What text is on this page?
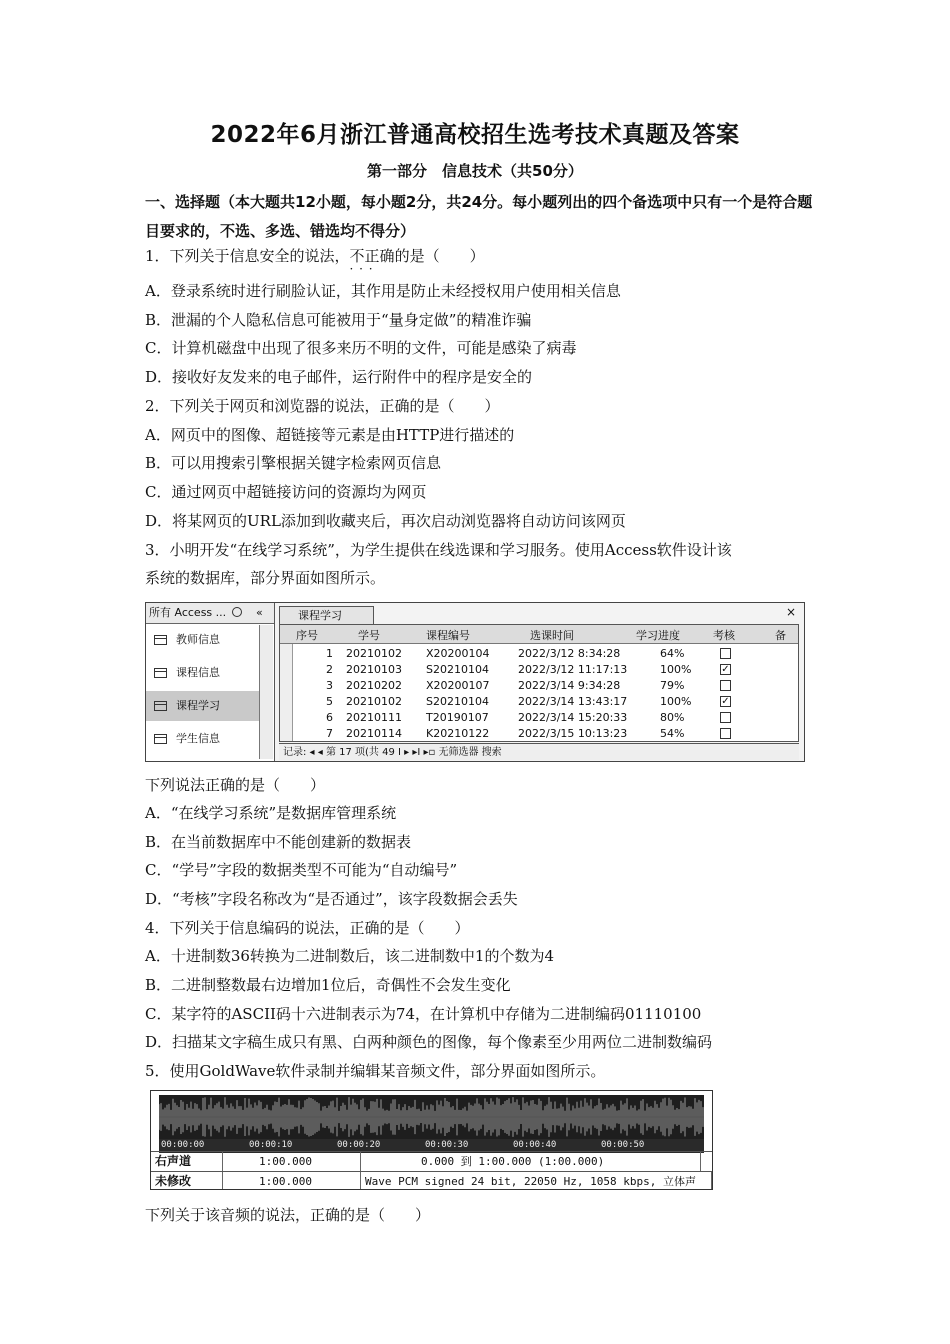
2022年6月浙江普通高校招生选考技术真题及答案
第一部分　信息技术（共50分）
一、选择题（本大题共12小题，每小题2分，共24分。每小题列出的四个备选项中只有一个是符合题目要求的，不选、多选、错选均不得分）
1．下列关于信息安全的说法，不正确 · · ·的是（　　）
A．登录系统时进行刷脸认证，其作用是防止未经授权用户使用相关信息
B．泄漏的个人隐私信息可能被用于“量身定做”的精准诈骗
C．计算机磁盘中出现了很多来历不明的文件，可能是感染了病毒
D．接收好友发来的电子邮件，运行附件中的程序是安全的
2．下列关于网页和浏览器的说法，正确的是（　　）
A．网页中的图像、超链接等元素是由HTTP进行描述的
B．可以用搜索引擎根据关键字检索网页信息
C．通过网页中超链接访问的资源均为网页
D．将某网页的URL添加到收藏夹后，再次启动浏览器将自动访问该网页
3．小明开发“在线学习系统”，为学生提供在线选课和学习服务。使用Access软件设计该
系统的数据库，部分界面如图所示。
所有 Access ...	«
教师信息
课程信息
课程学习
学生信息
课程学习	×
序号	学号	课程编号	选课时间	学习进度	考核	备
1 20210102 X20200104	2022/3/12 8:34:28	64%
2 20210103 S20210104	2022/3/12 11:17:13	100%	✓
3 20210202 X20200107	2022/3/14 9:34:28	79%
5 20210102 S20210104	2022/3/14 13:43:17	100%	✓
6 20210111 T20190107	2022/3/14 15:20:33	80%
7 20210114 K20210122	2022/3/15 10:13:23	54%
记录: ◂ ◂ 第 17 项(共 49 I ▸ ▸I ▸▫ 无筛选器 搜索
下列说法正确的是（　　）
A．“在线学习系统”是数据库管理系统
B．在当前数据库中不能创建新的数据表
C．“学号”字段的数据类型不可能为“自动编号”
D．“考核”字段名称改为“是否通过”，该字段数据会丢失
4．下列关于信息编码的说法，正确的是（　　）
A．十进制数36转换为二进制数后，该二进制数中1的个数为4
B．二进制整数最右边增加1位后，奇偶性不会发生变化
C．某字符的ASCII码十六进制表示为74，在计算机中存储为二进制编码01110100
D．扫描某文字稿生成只有黑、白两种颜色的图像，每个像素至少用两位二进制数编码
5．使用GoldWave软件录制并编辑某音频文件，部分界面如图所示。
00:00:00	00:00:10	00:00:20	00:00:30	00:00:40	00:00:50
右声道	1:00.000	0.000 到 1:00.000 (1:00.000)
未修改	1:00.000	Wave PCM signed 24 bit, 22050 Hz, 1058 kbps, 立体声
下列关于该音频的说法，正确的是（　　）
